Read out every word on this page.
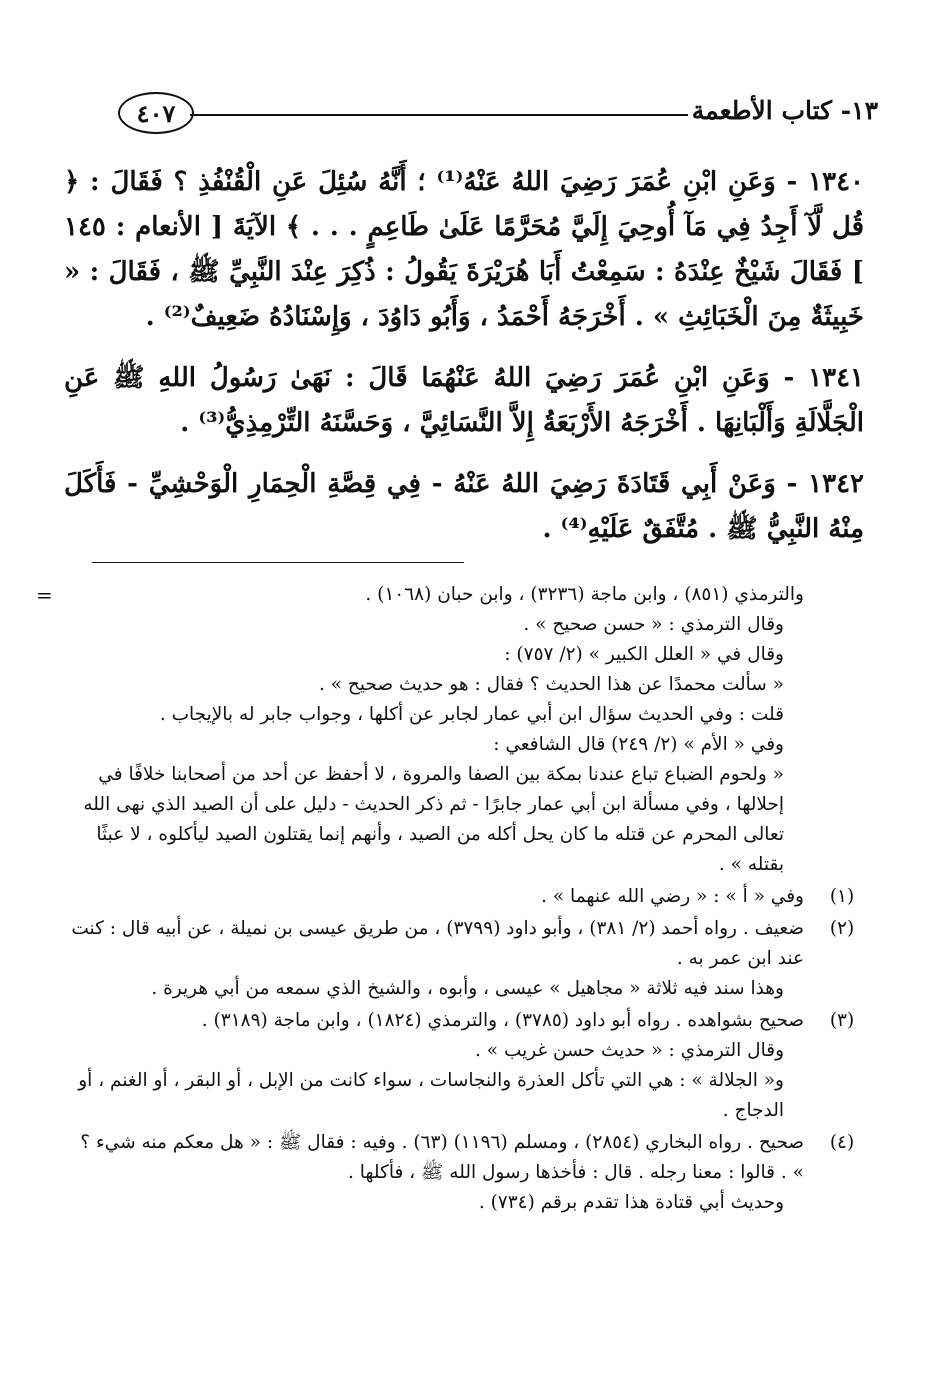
١٣- كتاب الأطعمة
٤٠٧

١٣٤٠ - وَعَنِ ابْنِ عُمَرَ رَضِيَ اللهُ عَنْهُ⁽¹⁾ ؛ أَنَّهُ سُئِلَ عَنِ الْقُنْفُذِ ؟ فَقَالَ : ﴿ قُل لَّآ أَجِدُ فِي مَآ أُوحِيَ إِلَيَّ مُحَرَّمًا عَلَىٰ طَاعِمٍ . . . ﴾ الآيَةَ [ الأنعام : ١٤٥ ] فَقَالَ شَيْخٌ عِنْدَهُ : سَمِعْتُ أَبَا هُرَيْرَةَ يَقُولُ : ذُكِرَ عِنْدَ النَّبِيِّ ﷺ ، فَقَالَ : « خَبِيثَةٌ مِنَ الْخَبَائِثِ » . أَخْرَجَهُ أَحْمَدُ ، وَأَبُو دَاوُدَ ، وَإِسْنَادُهُ ضَعِيفٌ⁽²⁾ .

١٣٤١ - وَعَنِ ابْنِ عُمَرَ رَضِيَ اللهُ عَنْهُمَا قَالَ : نَهَىٰ رَسُولُ اللهِ ﷺ عَنِ الْجَلَّالَةِ وَأَلْبَانِهَا . أَخْرَجَهُ الأَرْبَعَةُ إِلاَّ النَّسَائِيَّ ، وَحَسَّنَهُ التِّرْمِذِيُّ⁽³⁾ .

١٣٤٢ - وَعَنْ أَبِي قَتَادَةَ رَضِيَ اللهُ عَنْهُ - فِي قِصَّةِ الْحِمَارِ الْوَحْشِيِّ - فَأَكَلَ مِنْهُ النَّبِيُّ ﷺ . مُتَّفَقٌ عَلَيْهِ⁽⁴⁾ .

=	والترمذي (٨٥١) ، وابن ماجة (٣٢٣٦) ، وابن حبان (١٠٦٨) .

وقال الترمذي : « حسن صحيح » .

وقال في « العلل الكبير » (٢/ ٧٥٧) :

« سألت محمدًا عن هذا الحديث ؟ فقال : هو حديث صحيح » .

قلت : وفي الحديث سؤال ابن أبي عمار لجابر عن أكلها ، وجواب جابر له بالإيجاب .

وفي « الأم » (٢/ ٢٤٩) قال الشافعي :

« ولحوم الضباع تباع عندنا بمكة بين الصفا والمروة ، لا أحفظ عن أحد من أصحابنا خلافًا في إحلالها ، وفي مسألة ابن أبي عمار جابرًا - ثم ذكر الحديث - دليل على أن الصيد الذي نهى الله تعالى المحرم عن قتله ما كان يحل أكله من الصيد ، وأنهم إنما يقتلون الصيد ليأكلوه ، لا عبثًا بقتله » .

(١)

وفي « أ » : « رضي الله عنهما » .

(٢)

ضعيف . رواه أحمد (٢/ ٣٨١) ، وأبو داود (٣٧٩٩) ، من طريق عيسى بن نميلة ، عن أبيه قال : كنت عند ابن عمر به .

وهذا سند فيه ثلاثة « مجاهيل » عيسى ، وأبوه ، والشيخ الذي سمعه من أبي هريرة .

(٣)

صحيح بشواهده . رواه أبو داود (٣٧٨٥) ، والترمذي (١٨٢٤) ، وابن ماجة (٣١٨٩) .

وقال الترمذي : « حديث حسن غريب » .

و« الجلالة » : هي التي تأكل العذرة والنجاسات ، سواء كانت من الإبل ، أو البقر ، أو الغنم ، أو الدجاج .

(٤)

صحيح . رواه البخاري (٢٨٥٤) ، ومسلم (١١٩٦) (٦٣) . وفيه : فقال ﷺ : « هل معكم منه شيء ؟ » . قالوا : معنا رجله . قال : فأخذها رسول الله ﷺ ، فأكلها .

وحديث أبي قتادة هذا تقدم برقم (٧٣٤) .
